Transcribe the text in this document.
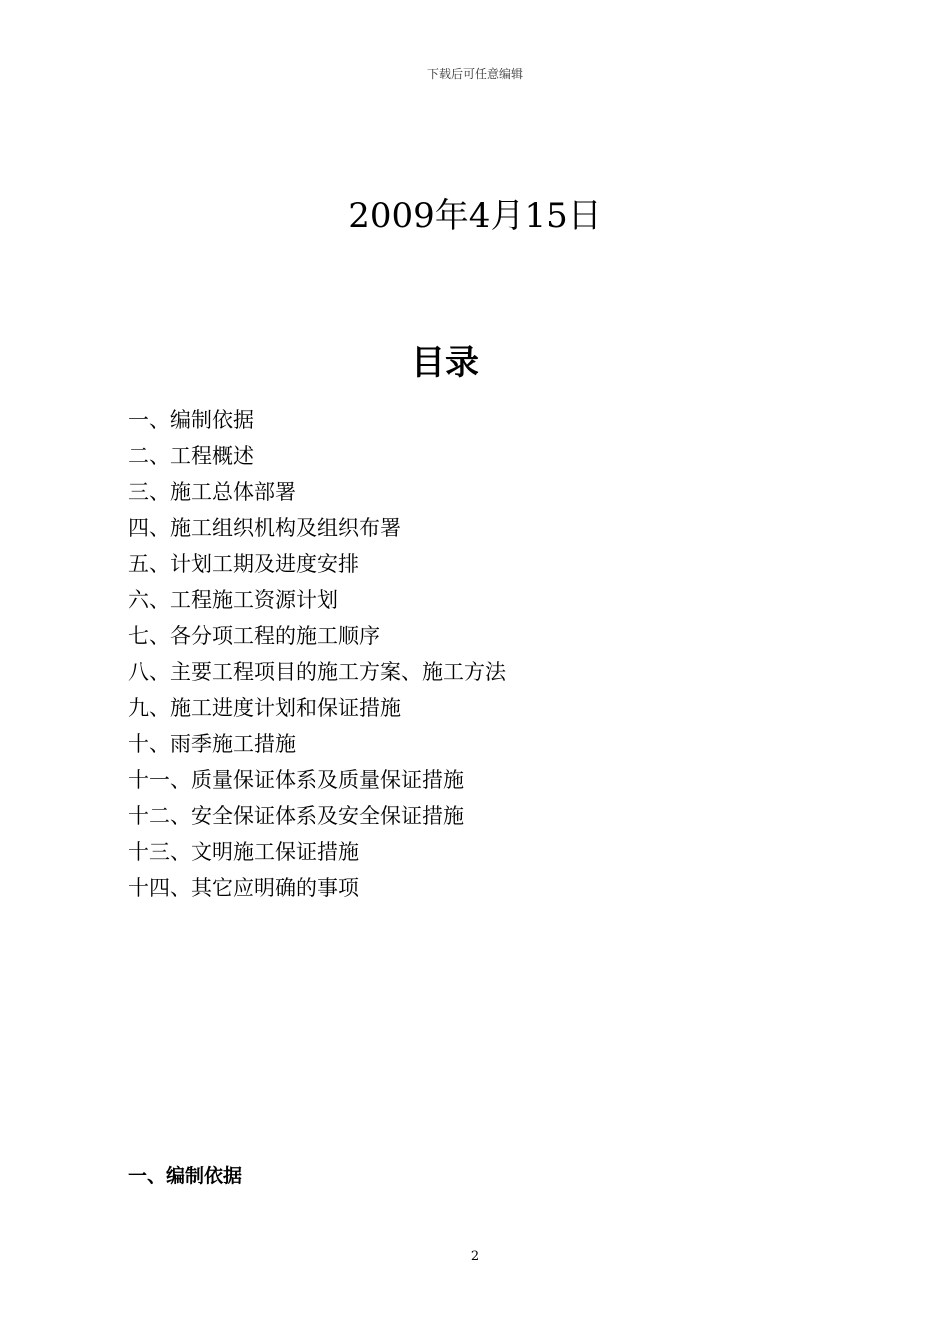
下载后可任意编辑
2009年4月15日
目录
一、编制依据
二、工程概述
三、施工总体部署
四、施工组织机构及组织布署
五、计划工期及进度安排
六、工程施工资源计划
七、各分项工程的施工顺序
八、主要工程项目的施工方案、施工方法
九、施工进度计划和保证措施
十、雨季施工措施
十一、质量保证体系及质量保证措施
十二、安全保证体系及安全保证措施
十三、文明施工保证措施
十四、其它应明确的事项
一、编制依据
2
